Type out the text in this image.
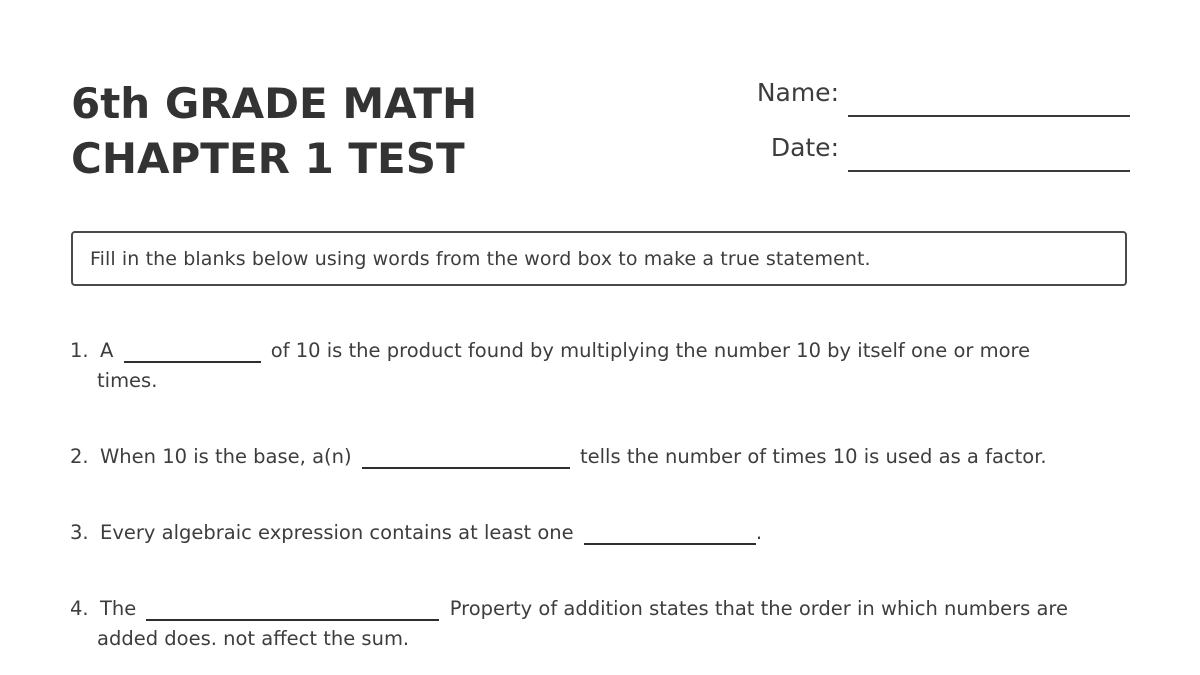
6th GRADE MATH
CHAPTER 1 TEST
Name:
Date:
Fill in the blanks below using words from the word box to make a true statement.
1. A	of 10 is the product found by multiplying the number 10 by itself one or more
times.
2. When 10 is the base, a(n)	tells the number of times 10 is used as a factor.
3. Every algebraic expression contains at least one	.
4. The	Property of addition states that the order in which numbers are
added does. not affect the sum.
